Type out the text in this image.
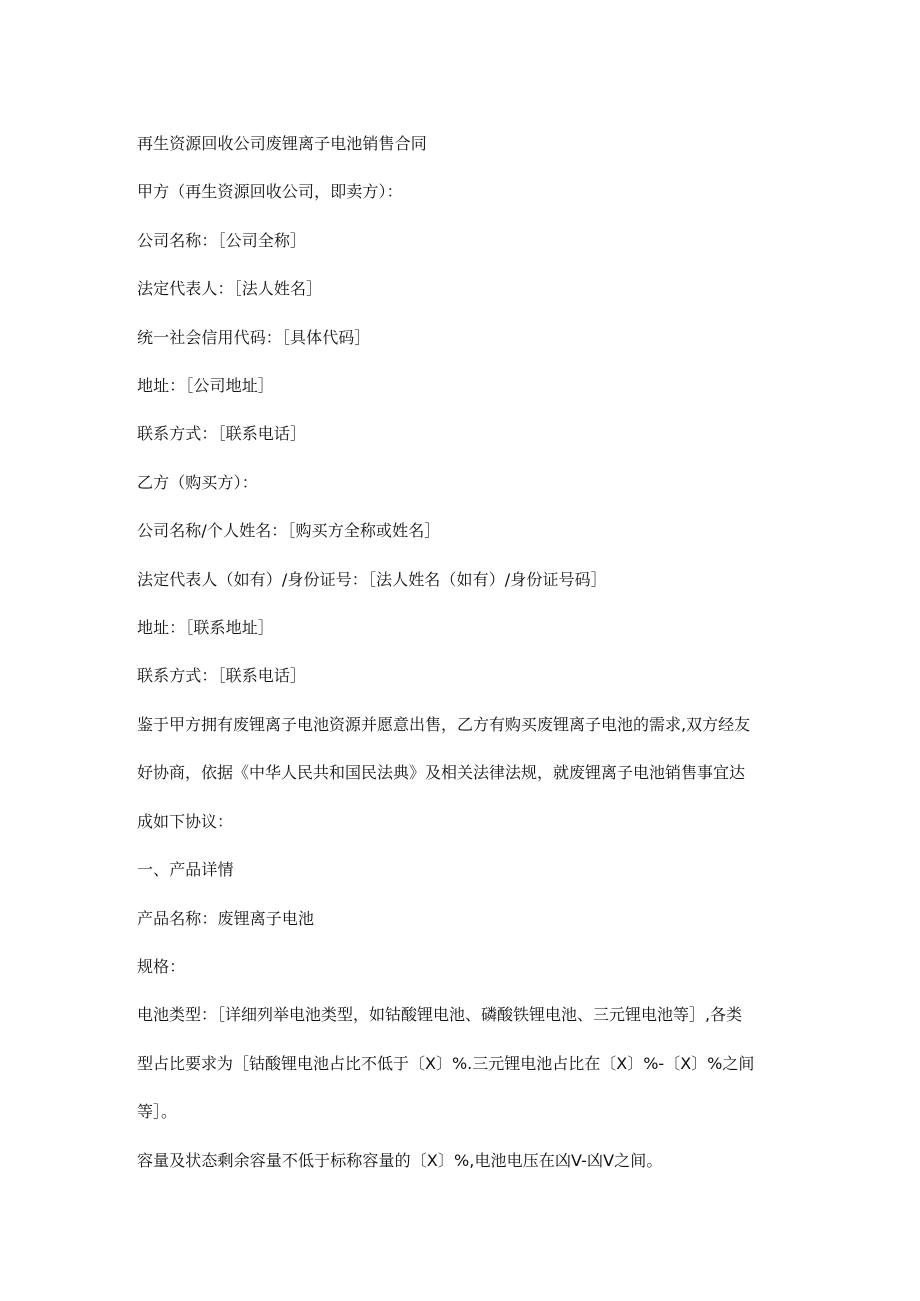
再生资源回收公司废锂离子电池销售合同
甲方（再生资源回收公司，即卖方）：
公司名称：［公司全称］
法定代表人：［法人姓名］
统一社会信用代码：［具体代码］
地址：［公司地址］
联系方式：［联系电话］
乙方（购买方）：
公司名称/个人姓名：［购买方全称或姓名］
法定代表人（如有）/身份证号：［法人姓名（如有）/身份证号码］
地址：［联系地址］
联系方式：［联系电话］
鉴于甲方拥有废锂离子电池资源并愿意出售，乙方有购买废锂离子电池的需求,双方经友
好协商，依据《中华人民共和国民法典》及相关法律法规，就废锂离子电池销售事宜达
成如下协议：
一、产品详情
产品名称：废锂离子电池
规格：
电池类型：［详细列举电池类型，如钴酸锂电池、磷酸铁锂电池、三元锂电池等］,各类
型占比要求为［钴酸锂电池占比不低于〔X〕%.三元锂电池占比在〔X〕%-〔X〕%之间
等］。
容量及状态剩余容量不低于标称容量的〔X〕%,电池电压在凶V-凶V之间。
